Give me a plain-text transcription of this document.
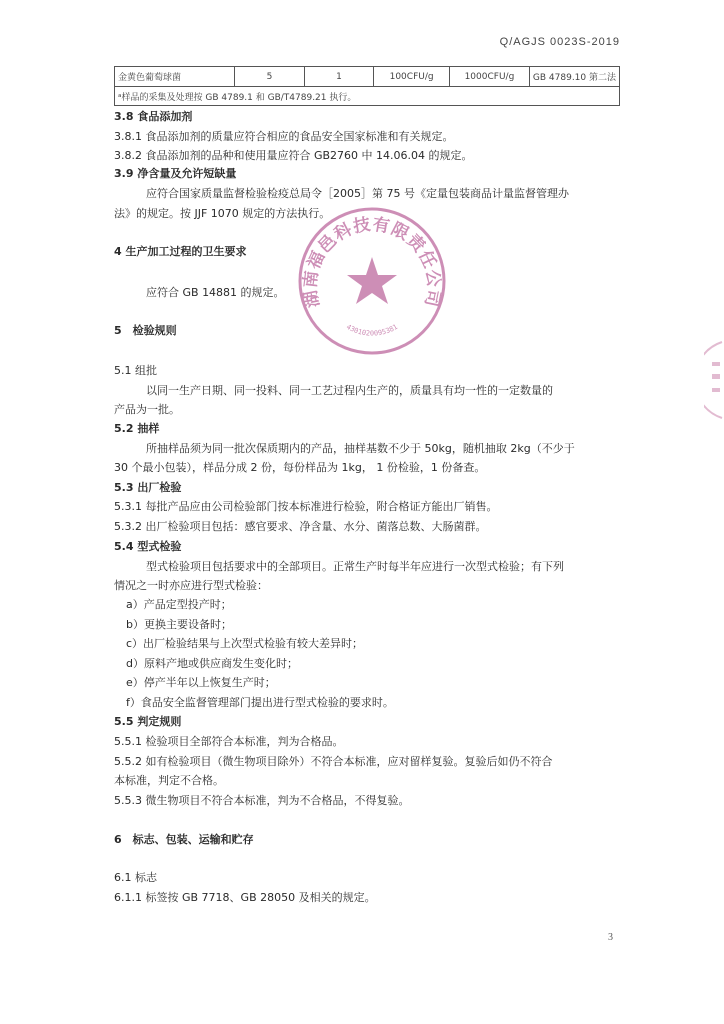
Q/AGJS 0023S-2019
金黄色葡萄球菌	5	1	100CFU/g	1000CFU/g	GB 4789.10 第二法
ᵃ样品的采集及处理按 GB 4789.1 和 GB/T4789.21 执行。
3.8 食品添加剂
3.8.1 食品添加剂的质量应符合相应的食品安全国家标准和有关规定。
3.8.2 食品添加剂的品种和使用量应符合 GB2760 中 14.06.04 的规定。
3.9 净含量及允许短缺量
应符合国家质量监督检验检疫总局令［2005］第 75 号《定量包装商品计量监督管理办
法》的规定。按 JJF 1070 规定的方法执行。
4 生产加工过程的卫生要求
应符合 GB 14881 的规定。
5　检验规则
5.1 组批
以同一生产日期、同一投料、同一工艺过程内生产的，质量具有均一性的一定数量的
产品为一批。
5.2 抽样
所抽样品须为同一批次保质期内的产品，抽样基数不少于 50kg，随机抽取 2kg（不少于
30 个最小包装），样品分成 2 份，每份样品为 1kg， 1 份检验，1 份备查。
5.3 出厂检验
5.3.1 每批产品应由公司检验部门按本标准进行检验，附合格证方能出厂销售。
5.3.2 出厂检验项目包括：感官要求、净含量、水分、菌落总数、大肠菌群。
5.4 型式检验
型式检验项目包括要求中的全部项目。正常生产时每半年应进行一次型式检验；有下列
情况之一时亦应进行型式检验：
a）产品定型投产时；
b）更换主要设备时；
c）出厂检验结果与上次型式检验有较大差异时；
d）原料产地或供应商发生变化时；
e）停产半年以上恢复生产时；
f）食品安全监督管理部门提出进行型式检验的要求时。
5.5 判定规则
5.5.1 检验项目全部符合本标准，判为合格品。
5.5.2 如有检验项目（微生物项目除外）不符合本标准，应对留样复验。复验后如仍不符合
本标准，判定不合格。
5.5.3 微生物项目不符合本标准，判为不合格品，不得复验。
6　标志、包装、运输和贮存
6.1 标志
6.1.1 标签按 GB 7718、GB 28050 及相关的规定。
3
湖南福邑科技有限责任公司
4301020095381
